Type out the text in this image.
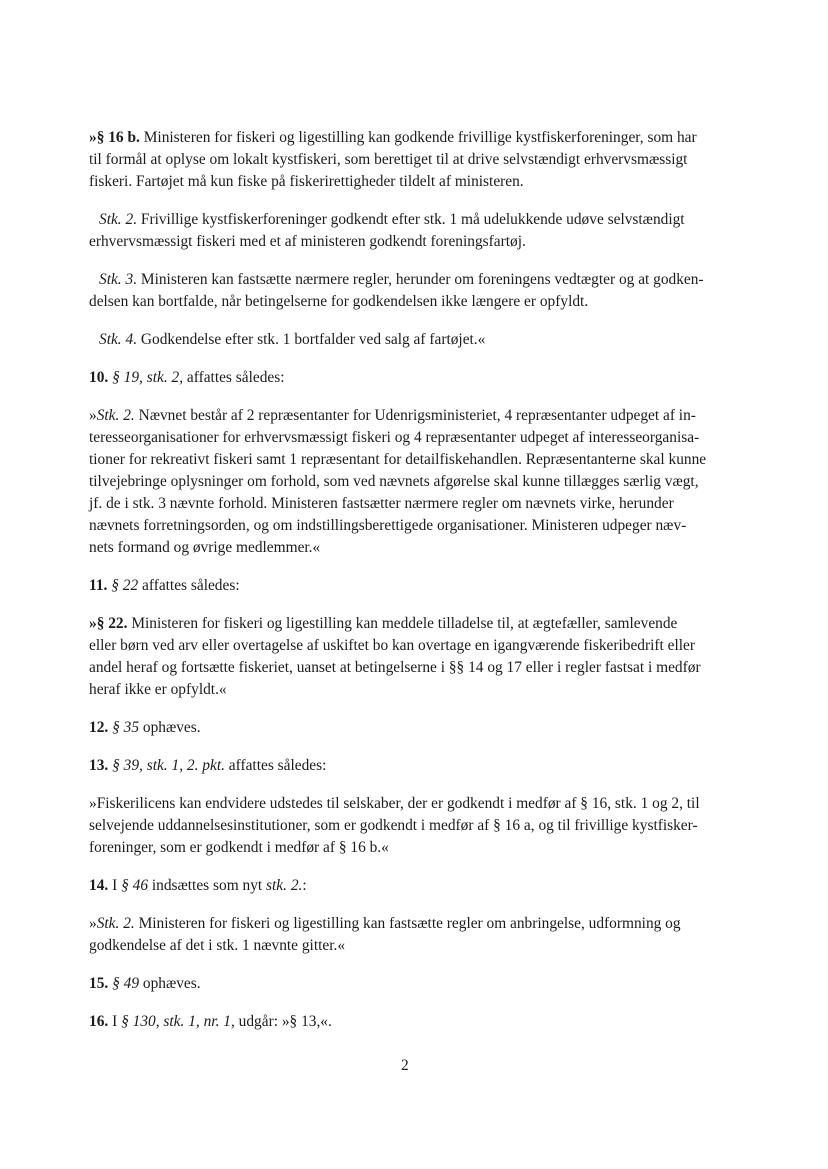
»§ 16 b. Ministeren for fiskeri og ligestilling kan godkende frivillige kystfiskerforeninger, som har
til formål at oplyse om lokalt kystfiskeri, som berettiget til at drive selvstændigt erhvervsmæssigt
fiskeri. Fartøjet må kun fiske på fiskerirettigheder tildelt af ministeren.

Stk. 2. Frivillige kystfiskerforeninger godkendt efter stk. 1 må udelukkende udøve selvstændigt
erhvervsmæssigt fiskeri med et af ministeren godkendt foreningsfartøj.

Stk. 3. Ministeren kan fastsætte nærmere regler, herunder om foreningens vedtægter og at godken-
delsen kan bortfalde, når betingelserne for godkendelsen ikke længere er opfyldt.

Stk. 4. Godkendelse efter stk. 1 bortfalder ved salg af fartøjet.«

10. § 19, stk. 2, affattes således:

»Stk. 2. Nævnet består af 2 repræsentanter for Udenrigsministeriet, 4 repræsentanter udpeget af in-
teresseorganisationer for erhvervsmæssigt fiskeri og 4 repræsentanter udpeget af interesseorganisa-
tioner for rekreativt fiskeri samt 1 repræsentant for detailfiskehandlen. Repræsentanterne skal kunne
tilvejebringe oplysninger om forhold, som ved nævnets afgørelse skal kunne tillægges særlig vægt,
jf. de i stk. 3 nævnte forhold. Ministeren fastsætter nærmere regler om nævnets virke, herunder
nævnets forretningsorden, og om indstillingsberettigede organisationer. Ministeren udpeger næv-
nets formand og øvrige medlemmer.«

11. § 22 affattes således:

»§ 22. Ministeren for fiskeri og ligestilling kan meddele tilladelse til, at ægtefæller, samlevende
eller børn ved arv eller overtagelse af uskiftet bo kan overtage en igangværende fiskeribedrift eller
andel heraf og fortsætte fiskeriet, uanset at betingelserne i §§ 14 og 17 eller i regler fastsat i medfør
heraf ikke er opfyldt.«

12. § 35 ophæves.

13. § 39, stk. 1, 2. pkt. affattes således:

»Fiskerilicens kan endvidere udstedes til selskaber, der er godkendt i medfør af § 16, stk. 1 og 2, til
selvejende uddannelsesinstitutioner, som er godkendt i medfør af § 16 a, og til frivillige kystfisker-
foreninger, som er godkendt i medfør af § 16 b.«

14. I § 46 indsættes som nyt stk. 2.:

»Stk. 2. Ministeren for fiskeri og ligestilling kan fastsætte regler om anbringelse, udformning og
godkendelse af det i stk. 1 nævnte gitter.«

15. § 49 ophæves.

16. I § 130, stk. 1, nr. 1, udgår: »§ 13,«.

2
